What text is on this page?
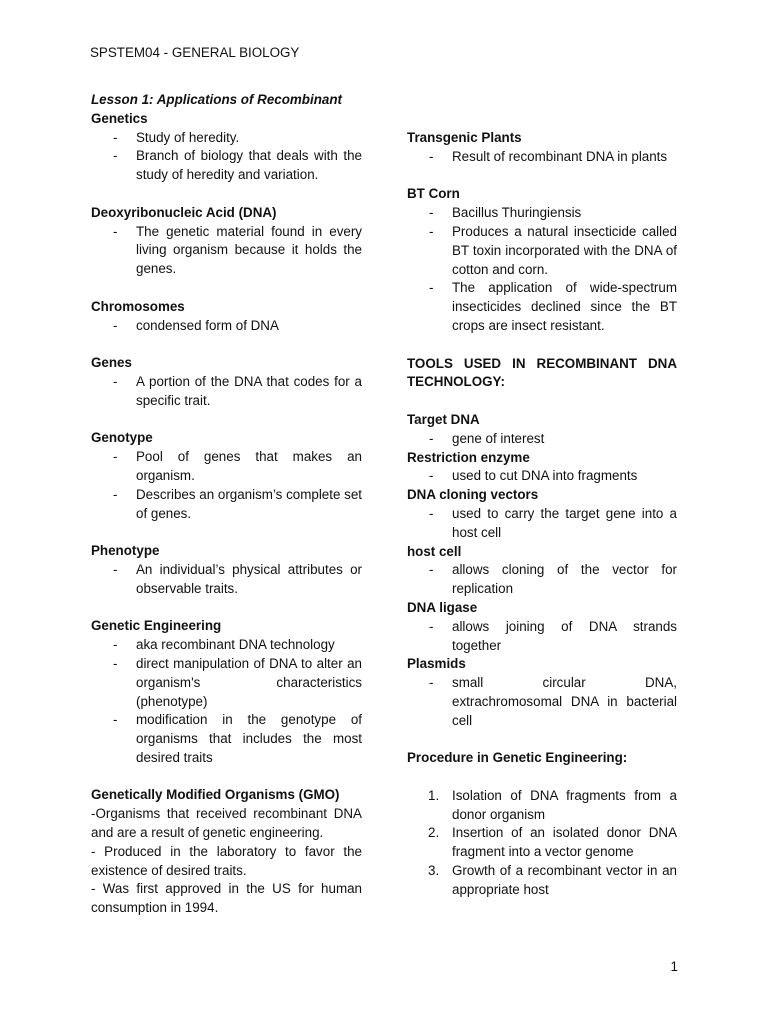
SPSTEM04 - GENERAL BIOLOGY
Lesson 1: Applications of Recombinant
Genetics
- Study of heredity.
- Branch of biology that deals with the study of heredity and variation.
Deoxyribonucleic Acid (DNA)
- The genetic material found in every living organism because it holds the genes.
Chromosomes
- condensed form of DNA
Genes
- A portion of the DNA that codes for a specific trait.
Genotype
- Pool of genes that makes an organism.
- Describes an organism’s complete set of genes.
Phenotype
- An individual’s physical attributes or observable traits.
Genetic Engineering
- aka recombinant DNA technology
- direct manipulation of DNA to alter an organism's characteristics (phenotype)
- modification in the genotype of organisms that includes the most desired traits
Genetically Modified Organisms (GMO)
-Organisms that received recombinant DNA and are a result of genetic engineering.
- Produced in the laboratory to favor the existence of desired traits.
- Was first approved in the US for human consumption in 1994.
Transgenic Plants
- Result of recombinant DNA in plants
BT Corn
- Bacillus Thuringiensis
- Produces a natural insecticide called BT toxin incorporated with the DNA of cotton and corn.
- The application of wide-spectrum insecticides declined since the BT crops are insect resistant.
TOOLS USED IN RECOMBINANT DNA TECHNOLOGY:
Target DNA
- gene of interest
Restriction enzyme
- used to cut DNA into fragments
DNA cloning vectors
- used to carry the target gene into a host cell
host cell
- allows cloning of the vector for replication
DNA ligase
- allows joining of DNA strands together
Plasmids
- small circular DNA, extrachromosomal DNA in bacterial cell
Procedure in Genetic Engineering:
1. Isolation of DNA fragments from a donor organism
2. Insertion of an isolated donor DNA fragment into a vector genome
3. Growth of a recombinant vector in an appropriate host
1
